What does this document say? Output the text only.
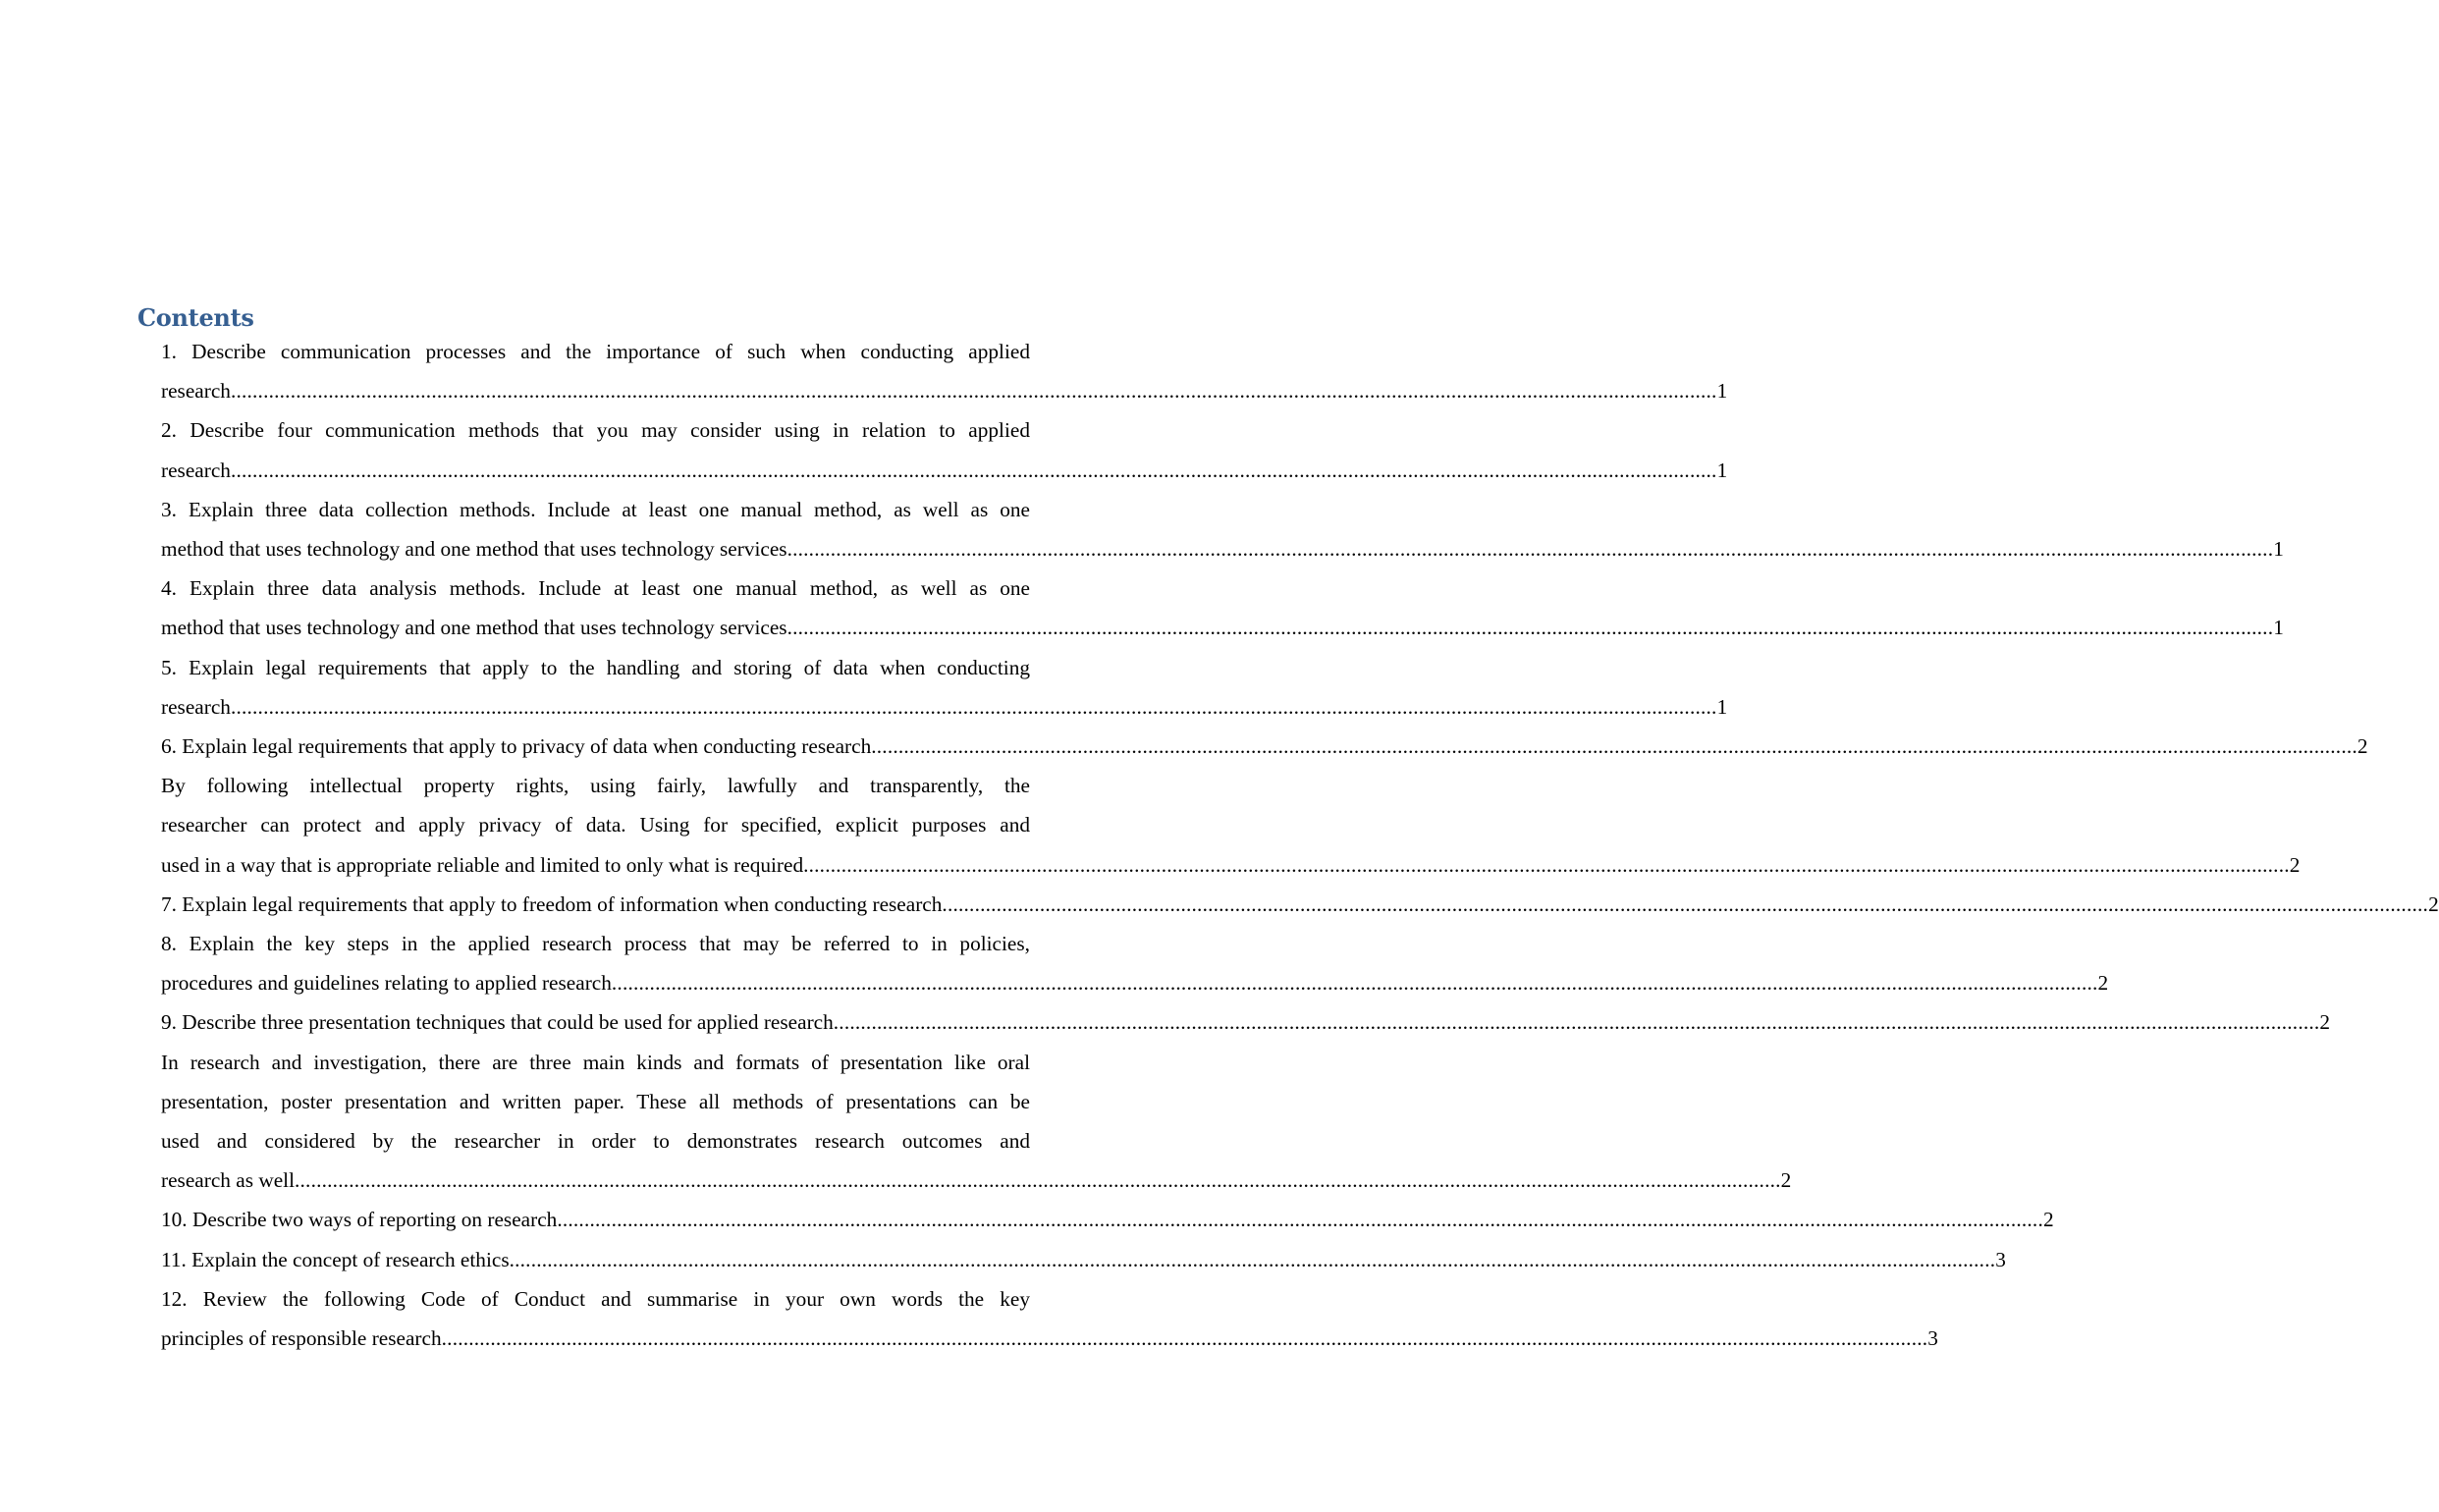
Contents
1. Describe communication processes and the importance of such when conducting applied
research .................................................................................................................................................................................................................................................................................. 1
2. Describe four communication methods that you may consider using in relation to applied
research .................................................................................................................................................................................................................................................................................. 1
3. Explain three data collection methods. Include at least one manual method, as well as one
method that uses technology and one method that uses technology services .................................................................................................................................................................................................................................................................................. 1
4. Explain three data analysis methods. Include at least one manual method, as well as one
method that uses technology and one method that uses technology services .................................................................................................................................................................................................................................................................................. 1
5. Explain legal requirements that apply to the handling and storing of data when conducting
research .................................................................................................................................................................................................................................................................................. 1
6. Explain legal requirements that apply to privacy of data when conducting research .................................................................................................................................................................................................................................................................................. 2
By following intellectual property rights, using fairly, lawfully and transparently, the
researcher can protect and apply privacy of data. Using for specified, explicit purposes and
used in a way that is appropriate reliable and limited to only what is required .................................................................................................................................................................................................................................................................................. 2
7. Explain legal requirements that apply to freedom of information when conducting research .................................................................................................................................................................................................................................................................................. 2
8. Explain the key steps in the applied research process that may be referred to in policies,
procedures and guidelines relating to applied research .................................................................................................................................................................................................................................................................................. 2
9. Describe three presentation techniques that could be used for applied research .................................................................................................................................................................................................................................................................................. 2
In research and investigation, there are three main kinds and formats of presentation like oral
presentation, poster presentation and written paper. These all methods of presentations can be
used and considered by the researcher in order to demonstrates research outcomes and
research as well .................................................................................................................................................................................................................................................................................. 2
10. Describe two ways of reporting on research .................................................................................................................................................................................................................................................................................. 2
11. Explain the concept of research ethics .................................................................................................................................................................................................................................................................................. 3
12. Review the following Code of Conduct and summarise in your own words the key
principles of responsible research .................................................................................................................................................................................................................................................................................. 3
